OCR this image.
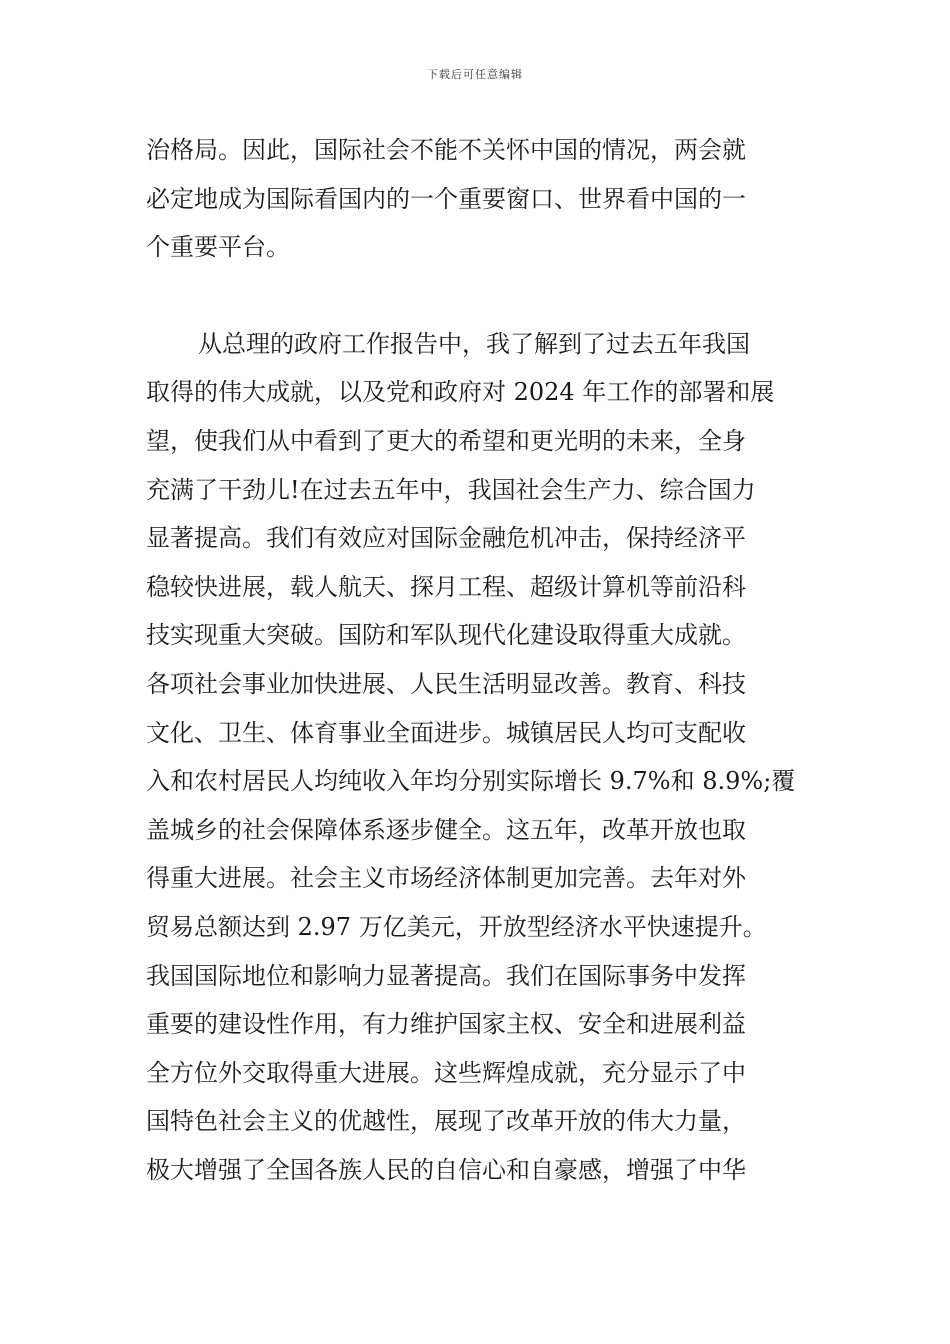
下载后可任意编辑
治格局。因此，国际社会不能不关怀中国的情况，两会就
必定地成为国际看国内的一个重要窗口、世界看中国的一
个重要平台。
从总理的政府工作报告中，我了解到了过去五年我国
取得的伟大成就，以及党和政府对 2024 年工作的部署和展
望，使我们从中看到了更大的希望和更光明的未来，全身
充满了干劲儿!在过去五年中，我国社会生产力、综合国力
显著提高。我们有效应对国际金融危机冲击，保持经济平
稳较快进展，载人航天、探月工程、超级计算机等前沿科
技实现重大突破。国防和军队现代化建设取得重大成就。
各项社会事业加快进展、人民生活明显改善。教育、科技
文化、卫生、体育事业全面进步。城镇居民人均可支配收
入和农村居民人均纯收入年均分别实际增长 9.7%和 8.9%;覆
盖城乡的社会保障体系逐步健全。这五年，改革开放也取
得重大进展。社会主义市场经济体制更加完善。去年对外
贸易总额达到 2.97 万亿美元，开放型经济水平快速提升。
我国国际地位和影响力显著提高。我们在国际事务中发挥
重要的建设性作用，有力维护国家主权、安全和进展利益
全方位外交取得重大进展。这些辉煌成就，充分显示了中
国特色社会主义的优越性，展现了改革开放的伟大力量，
极大增强了全国各族人民的自信心和自豪感，增强了中华
